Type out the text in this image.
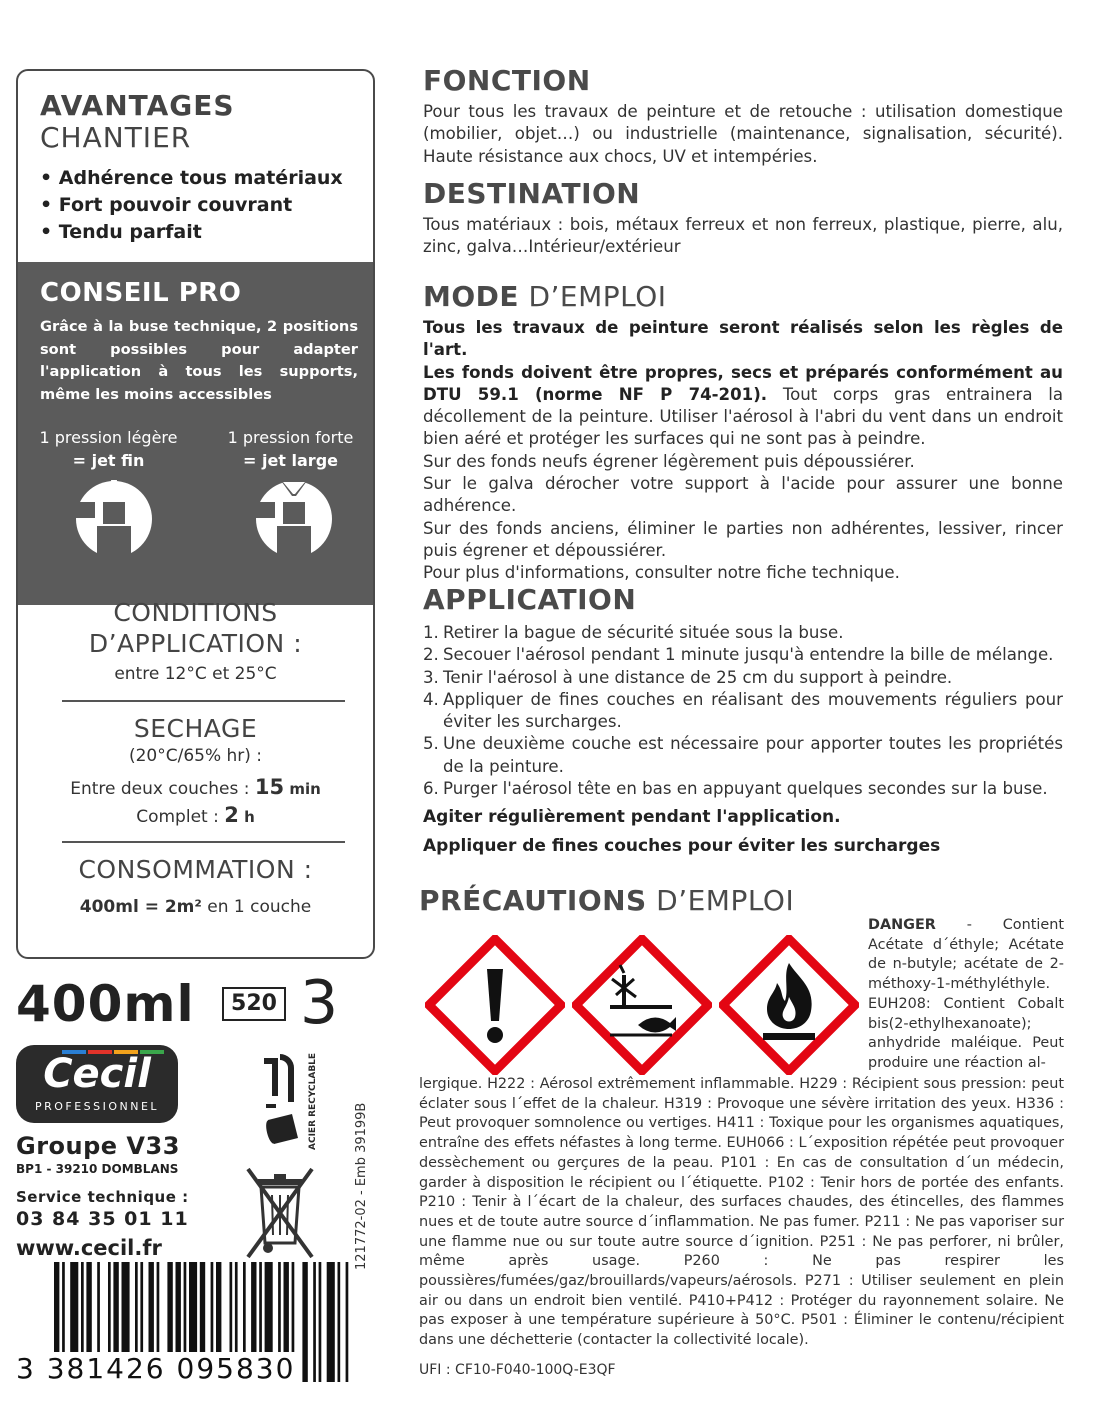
AVANTAGES
CHANTIER
• Adhérence tous matériaux
• Fort pouvoir couvrant
• Tendu parfait
CONSEIL PRO
Grâce à la buse technique, 2 positions sont possibles pour adapter l'application à tous les supports, même les moins accessibles
1 pression légère
= jet fin
1 pression forte
= jet large
CONDITIONS
D’APPLICATION :
entre 12°C et 25°C
SECHAGE
(20°C/65% hr) :
Entre deux couches : 15 min
Complet : 2 h
CONSOMMATION :
400ml = 2m² en 1 couche
400ml	520 3
Cecil
PROFESSIONNEL	ACIER RECYCLABLE
Groupe V33
BP1 - 39210 DOMBLANS
Service technique :
03 84 35 01 11
www.cecil.fr	121772-02 - Emb 39199B
3 381426 095830
FONCTION
Pour tous les travaux de peinture et de retouche : utilisation domestique (mobilier, objet…) ou industrielle (maintenance, signalisation, sécurité). Haute résistance aux chocs, UV et intempéries.
DESTINATION
Tous matériaux : bois, métaux ferreux et non ferreux, plastique, pierre, alu, zinc, galva…Intérieur/extérieur
MODE D’EMPLOI
Tous les travaux de peinture seront réalisés selon les règles de l'art.
Les fonds doivent être propres, secs et préparés conformément au DTU 59.1 (norme NF P 74-201). Tout corps gras entrainera la décollement de la peinture. Utiliser l'aérosol à l'abri du vent dans un endroit bien aéré et protéger les surfaces qui ne sont pas à peindre.
Sur des fonds neufs égrener légèrement puis dépoussiérer.
Sur le galva dérocher votre support à l'acide pour assurer une bonne adhérence.
Sur des fonds anciens, éliminer le parties non adhérentes, lessiver, rincer puis égrener et dépoussiérer.
Pour plus d'informations, consulter notre fiche technique.
APPLICATION
1. Retirer la bague de sécurité située sous la buse.
2. Secouer l'aérosol pendant 1 minute jusqu'à entendre la bille de mélange.
3. Tenir l'aérosol à une distance de 25 cm du support à peindre.
4. Appliquer de fines couches en réalisant des mouvements réguliers pour éviter les surcharges.
5. Une deuxième couche est nécessaire pour apporter toutes les propriétés de la peinture.
6. Purger l'aérosol tête en bas en appuyant quelques secondes sur la buse.
Agiter régulièrement pendant l'application.
Appliquer de fines couches pour éviter les surcharges
PRÉCAUTIONS D’EMPLOI
DANGER - Contient Acétate d´éthyle; Acétate de n-butyle; acétate de 2-méthoxy-1-méthyléthyle. EUH208: Contient Cobalt bis(2-ethylhexanoate); anhydride maléique. Peut produire une réaction al-
lergique. H222 : Aérosol extrêmement inflammable. H229 : Récipient sous pression: peut éclater sous l´effet de la chaleur. H319 : Provoque une sévère irritation des yeux. H336 : Peut provoquer somnolence ou vertiges. H411 : Toxique pour les organismes aquatiques, entraîne des effets néfastes à long terme. EUH066 : L´exposition répétée peut provoquer dessèchement ou gerçures de la peau. P101 : En cas de consultation d´un médecin, garder à disposition le récipient ou l´étiquette. P102 : Tenir hors de portée des enfants. P210 : Tenir à l´écart de la chaleur, des surfaces chaudes, des étincelles, des flammes nues et de toute autre source d´inflammation. Ne pas fumer. P211 : Ne pas vaporiser sur une flamme nue ou sur toute autre source d´ignition. P251 : Ne pas perforer, ni brûler, même après usage. P260 : Ne pas respirer les poussières/fumées/gaz/brouillards/vapeurs/aérosols. P271 : Utiliser seulement en plein air ou dans un endroit bien ventilé. P410+P412 : Protéger du rayonnement solaire. Ne pas exposer à une température supérieure à 50°C. P501 : Éliminer le contenu/récipient dans une déchetterie (contacter la collectivité locale).
UFI : CF10-F040-100Q-E3QF
